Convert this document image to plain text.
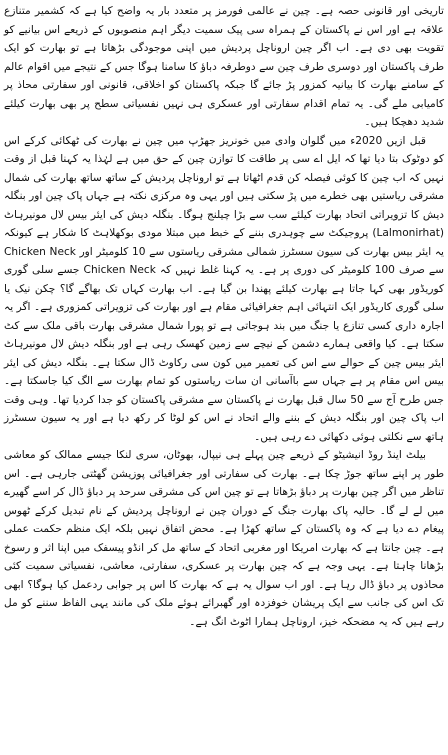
تاریخی اور قانونی حصہ ہے۔ چین نے عالمی فورمز پر متعدد بار یہ واضح کیا ہے کہ کشمیر متنازع علاقہ ہے اور اس نے پاکستان کے ہمراہ سی پیک سمیت دیگر اہم منصوبوں کے ذریعے اس بیانیے کو تقویت بھی دی ہے۔ اب اگر چین اروناچل پردیش میں اپنی موجودگی بڑھاتا ہے تو بھارت کو ایک طرف پاکستان اور دوسری طرف چین سے دوطرفہ دباؤ کا سامنا ہوگا جس کے نتیجے میں اقوام عالم کے سامنے بھارت کا بیانیہ کمزور پڑ جائے گا جبکہ پاکستان کو اخلاقی، قانونی اور سفارتی محاذ پر کامیابی ملے گی۔ یہ تمام اقدام سفارتی اور عسکری ہی نہیں نفسیاتی سطح پر بھی بھارت کیلئے شدید دھچکا ہیں۔

قبل ازیں 2020ء میں گلوان وادی میں خونریز جھڑپ میں چین نے بھارت کی ٹھکائی کرکے اس کو دوٹوک بتا دیا تھا کہ ایل اے سی پر طاقت کا توازن چین کے حق میں ہے لہٰذا یہ کہنا قبل از وقت نہیں کہ اب چین کا کوئی فیصلہ کن قدم اٹھاتا ہے تو اروناچل پردیش کے ساتھ ساتھ بھارت کی شمال مشرقی ریاستیں بھی خطرے میں پڑ سکتی ہیں اور یہی وہ مرکزی نکتہ ہے جہاں پاک چین اور بنگلہ دیش کا تزویراتی اتحاد بھارت کیلئے سب سے بڑا چیلنج ہوگا۔ بنگلہ دیش کی ایئر بیس لال مونیرہاٹ (Lalmonirhat) پروجیکٹ سے چوہدری بننے کے خبط میں مبتلا مودی بوکھلاہٹ کا شکار ہے کیونکہ یہ ایئر بیس بھارت کی سیون سسٹرز شمالی مشرقی ریاستوں سے 10 کلومیٹر اور Chicken Neck سے صرف 100 کلومیٹر کی دوری پر ہے۔ یہ کہنا غلط نہیں کہ Chicken Neck جسے سلی گوری کوریڈور بھی کہا جاتا ہے بھارت کیلئے پھندا بن گیا ہے۔ اب بھارت کہاں تک بھاگے گا؟ چکن نیک یا سلی گوری کاریڈور ایک انتہائی اہم جغرافیائی مقام ہے اور بھارت کی تزویراتی کمزوری ہے۔ اگر یہ اجارہ داری کسی تنازع یا جنگ میں بند ہوجاتی ہے تو پورا شمال مشرقی بھارت باقی ملک سے کٹ سکتا ہے۔ کیا واقعی ہمارے دشمن کے نیچے سے زمین کھسک رہی ہے اور بنگلہ دیش لال مونیرہاٹ ایئر بیس چین کے حوالے سے اس کی تعمیر میں کون سی رکاوٹ ڈال سکتا ہے۔ بنگلہ دیش کی ایئر بیس اس مقام پر ہے جہاں سے باآسانی ان سات ریاستوں کو تمام بھارت سے الگ کیا جاسکتا ہے۔ جس طرح آج سے 50 سال قبل بھارت نے پاکستان سے مشرقی پاکستان کو جدا کردیا تھا۔ وہی وقت اب پاک چین اور بنگلہ دیش کے بننے والے اتحاد نے اس کو لوٹا کر رکھ دیا ہے اور یہ سیون سسٹرز ہاتھ سے نکلتی ہوئی دکھائی دے رہی ہیں۔

بیلٹ اینڈ روڈ انیشیٹو کے ذریعے چین پہلے ہی نیپال، بھوٹان، سری لنکا جیسے ممالک کو معاشی طور پر اپنے ساتھ جوڑ چکا ہے۔ بھارت کی سفارتی اور جغرافیائی پوزیشن گھٹتی جارہی ہے۔ اس تناظر میں اگر چین بھارت پر دباؤ بڑھاتا ہے تو چین اس کی مشرقی سرحد پر دباؤ ڈال کر اسے گھیرے میں لے لے گا۔ حالیہ پاک بھارت جنگ کے دوران چین نے اروناچل پردیش کے نام تبدیل کرکے ٹھوس پیغام دے دیا ہے کہ وہ پاکستان کے ساتھ کھڑا ہے۔ محض اتفاق نہیں بلکہ ایک منظم حکمت عملی ہے۔ چین جانتا ہے کہ بھارت امریکا اور مغربی اتحاد کے ساتھ مل کر انڈو پیسفک میں اپنا اثر و رسوخ بڑھانا چاہتا ہے۔ یہی وجہ ہے کہ چین بھارت پر عسکری، سفارتی، معاشی، نفسیاتی سمیت کئی محاذوں پر دباؤ ڈال رہا ہے۔ اور اب سوال یہ ہے کہ بھارت کا اس پر جوابی ردعمل کیا ہوگا؟ ابھی تک اس کی جانب سے ایک پریشان خوفزدہ اور گھبرائے ہوئے ملک کی مانند یہی الفاظ سننے کو مل رہے ہیں کہ یہ مضحکہ خیز، اروناچل ہمارا اٹوٹ انگ ہے۔
